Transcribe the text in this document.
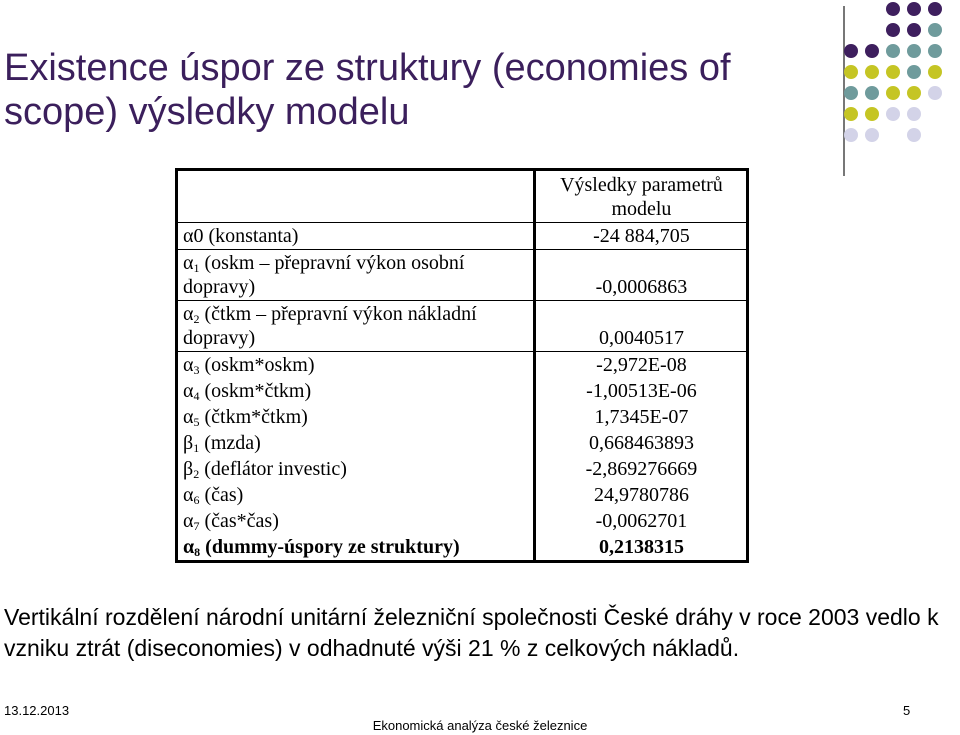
Existence úspor ze struktury (economies of scope) výsledky modelu
	Výsledky parametrů modelu
α0 (konstanta)	-24 884,705
$\alpha_1$ (oskm – přepravní výkon osobní dopravy)	-0,0006863
$\alpha_2$ (čtkm – přepravní výkon nákladní dopravy)	0,0040517
$\alpha_3$ (oskm*oskm)	-2,972E-08
$\alpha_4$ (oskm*čtkm)	-1,00513E-06
$\alpha_5$ (čtkm*čtkm)	1,7345E-07
$\beta_1$ (mzda)	0,668463893
$\beta_2$ (deflátor investic)	-2,869276669
$\alpha_6$ (čas)	24,9780786
$\alpha_7$ (čas*čas)	-0,0062701
$\alpha_8$ (dummy-úspory ze struktury)	0,2138315
Vertikální rozdělení národní unitární železniční společnosti České dráhy v roce 2003 vedlo k vzniku ztrát (diseconomies) v odhadnuté výši 21 % z celkových nákladů.
13.12.2013
Ekonomická analýza české železnice
5
